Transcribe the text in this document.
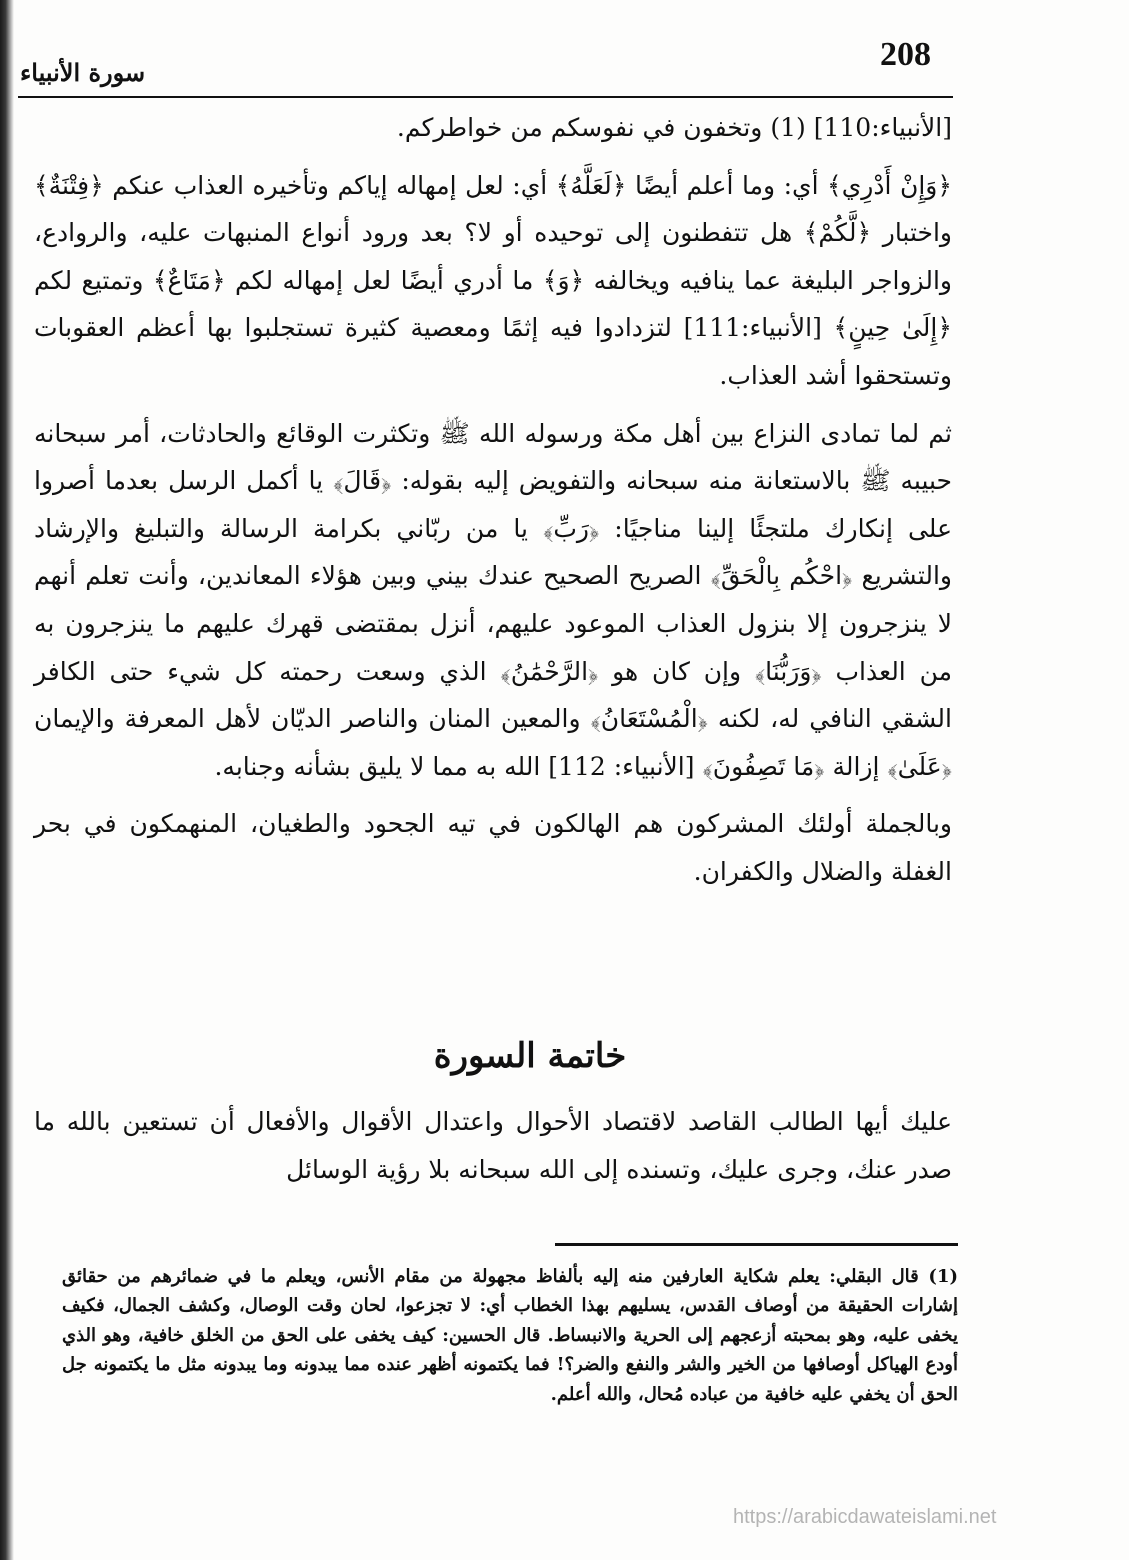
208
سورة الأنبياء

[الأنبياء:110] (1) وتخفون في نفوسكم من خواطركم.

﴿وَإِنْ أَدْرِي﴾ أي: وما أعلم أيضًا ﴿لَعَلَّهُ﴾ أي: لعل إمهاله إياكم وتأخيره العذاب عنكم ﴿فِتْنَةٌ﴾ واختبار ﴿لَّكُمْ﴾ هل تتفطنون إلى توحيده أو لا؟ بعد ورود أنواع المنبهات عليه، والروادع، والزواجر البليغة عما ينافيه ويخالفه ﴿وَ﴾ ما أدري أيضًا لعل إمهاله لكم ﴿مَتَاعٌ﴾ وتمتيع لكم ﴿إِلَىٰ حِينٍ﴾ [الأنبياء:111] لتزدادوا فيه إثمًا ومعصية كثيرة تستجلبوا بها أعظم العقوبات وتستحقوا أشد العذاب.

ثم لما تمادى النزاع بين أهل مكة ورسوله الله ﷺ وتكثرت الوقائع والحادثات، أمر سبحانه حبيبه ﷺ بالاستعانة منه سبحانه والتفويض إليه بقوله: ﴿قَالَ﴾ يا أكمل الرسل بعدما أصروا على إنكارك ملتجئًا إلينا مناجيًا: ﴿رَبِّ﴾ يا من ربّاني بكرامة الرسالة والتبليغ والإرشاد والتشريع ﴿احْكُم بِالْحَقِّ﴾ الصريح الصحيح عندك بيني وبين هؤلاء المعاندين، وأنت تعلم أنهم لا ينزجرون إلا بنزول العذاب الموعود عليهم، أنزل بمقتضى قهرك عليهم ما ينزجرون به من العذاب ﴿وَرَبُّنَا﴾ وإن كان هو ﴿الرَّحْمَٰنُ﴾ الذي وسعت رحمته كل شيء حتى الكافر الشقي النافي له، لكنه ﴿الْمُسْتَعَانُ﴾ والمعين المنان والناصر الديّان لأهل المعرفة والإيمان ﴿عَلَىٰ﴾ إزالة ﴿مَا تَصِفُونَ﴾ [الأنبياء: 112] الله به مما لا يليق بشأنه وجنابه.

وبالجملة أولئك المشركون هم الهالكون في تيه الجحود والطغيان، المنهمكون في بحر الغفلة والضلال والكفران.

خاتمة السورة
عليك أيها الطالب القاصد لاقتصاد الأحوال واعتدال الأقوال والأفعال أن تستعين بالله ما صدر عنك، وجرى عليك، وتسنده إلى الله سبحانه بلا رؤية الوسائل
(1) قال البقلي: يعلم شكاية العارفين منه إليه بألفاظ مجهولة من مقام الأنس، ويعلم ما في ضمائرهم من حقائق إشارات الحقيقة من أوصاف القدس، يسليهم بهذا الخطاب أي: لا تجزعوا، لحان وقت الوصال، وكشف الجمال، فكيف يخفى عليه، وهو بمحبته أزعجهم إلى الحرية والانبساط. قال الحسين: كيف يخفى على الحق من الخلق خافية، وهو الذي أودع الهياكل أوصافها من الخير والشر والنفع والضر؟! فما يكتمونه أظهر عنده مما يبدونه وما يبدونه مثل ما يكتمونه جل الحق أن يخفي عليه خافية من عباده مُحال، والله أعلم.
https://arabicdawateislami.net
